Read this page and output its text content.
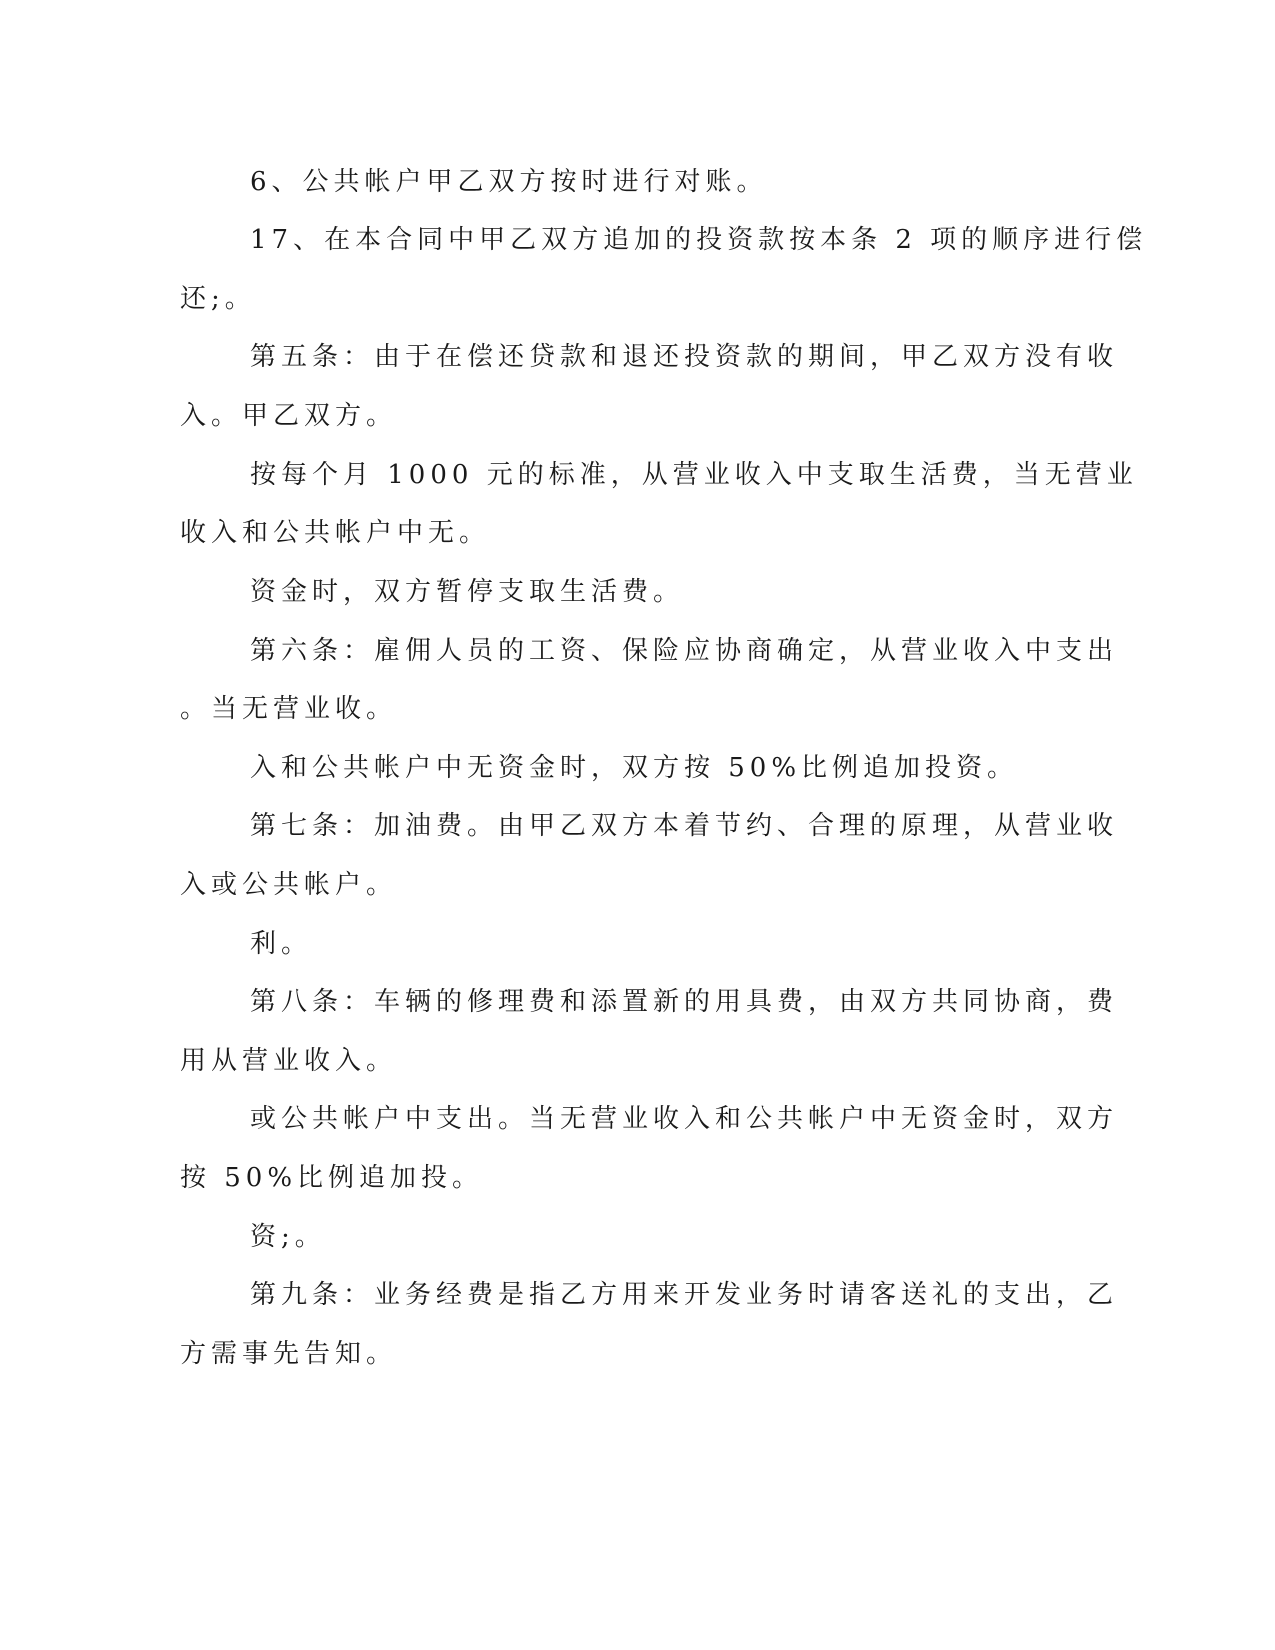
6、公共帐户甲乙双方按时进行对账。
17、在本合同中甲乙双方追加的投资款按本条 2 项的顺序进行偿
还;。
第五条：由于在偿还贷款和退还投资款的期间，甲乙双方没有收
入。甲乙双方。
按每个月 1000 元的标准，从营业收入中支取生活费，当无营业
收入和公共帐户中无。
资金时，双方暂停支取生活费。
第六条：雇佣人员的工资、保险应协商确定，从营业收入中支出
。当无营业收。
入和公共帐户中无资金时，双方按 50%比例追加投资。
第七条：加油费。由甲乙双方本着节约、合理的原理，从营业收
入或公共帐户。
利。
第八条：车辆的修理费和添置新的用具费，由双方共同协商，费
用从营业收入。
或公共帐户中支出。当无营业收入和公共帐户中无资金时，双方
按 50%比例追加投。
资;。
第九条：业务经费是指乙方用来开发业务时请客送礼的支出，乙
方需事先告知。
